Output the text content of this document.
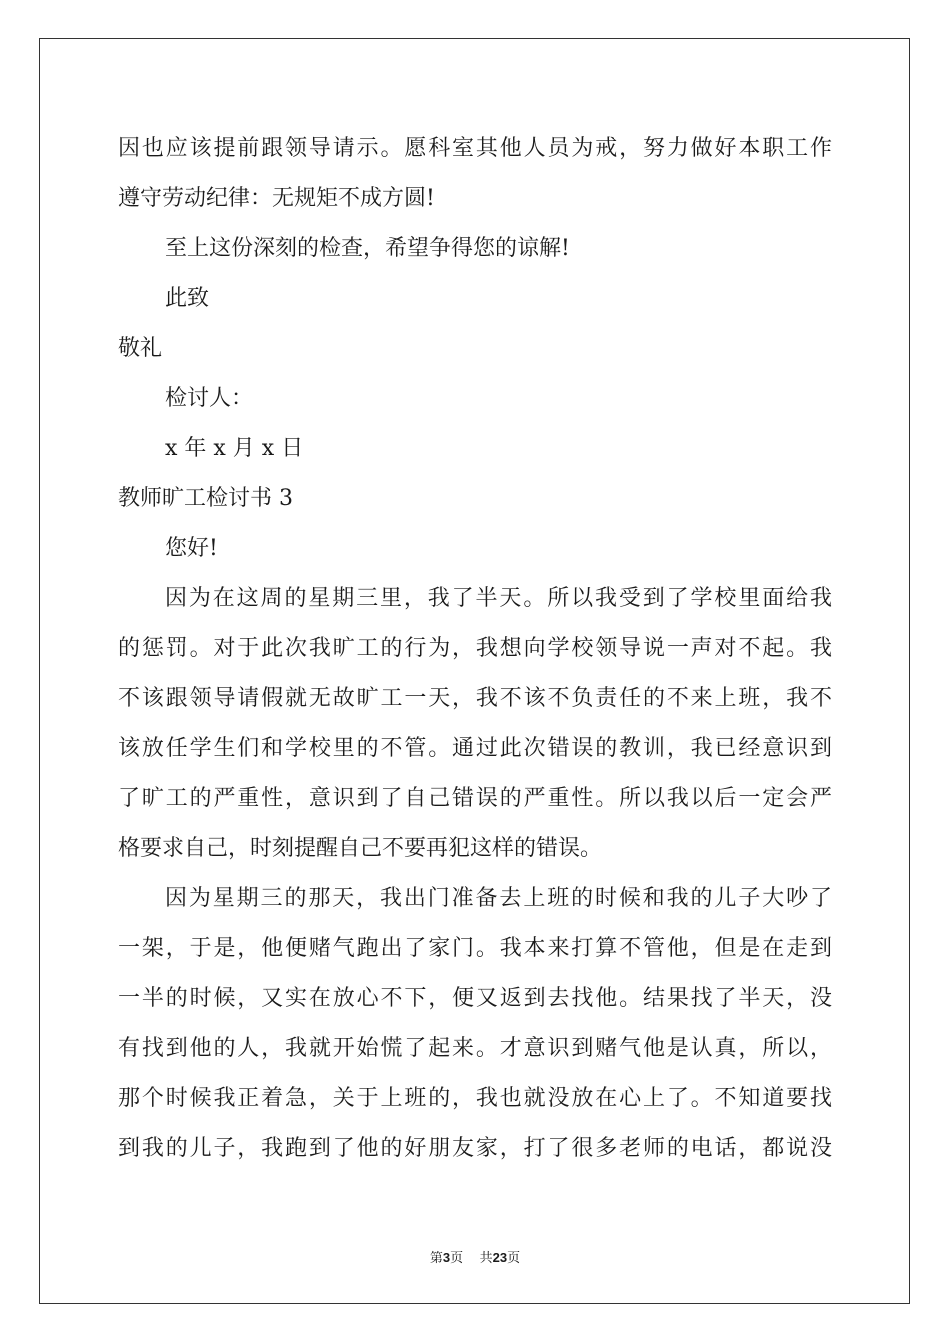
因也应该提前跟领导请示。愿科室其他人员为戒，努力做好本职工作
遵守劳动纪律：无规矩不成方圆!
至上这份深刻的检查，希望争得您的谅解!
此致
敬礼
检讨人：
x 年 x 月 x 日
教师旷工检讨书 3
您好!
因为在这周的星期三里，我了半天。所以我受到了学校里面给我
的惩罚。对于此次我旷工的行为，我想向学校领导说一声对不起。我
不该跟领导请假就无故旷工一天，我不该不负责任的不来上班，我不
该放任学生们和学校里的不管。通过此次错误的教训，我已经意识到
了旷工的严重性，意识到了自己错误的严重性。所以我以后一定会严
格要求自己，时刻提醒自己不要再犯这样的错误。
因为星期三的那天，我出门准备去上班的时候和我的儿子大吵了
一架，于是，他便赌气跑出了家门。我本来打算不管他，但是在走到
一半的时候，又实在放心不下，便又返到去找他。结果找了半天，没
有找到他的人，我就开始慌了起来。才意识到赌气他是认真，所以，
那个时候我正着急，关于上班的，我也就没放在心上了。不知道要找
到我的儿子，我跑到了他的好朋友家，打了很多老师的电话，都说没
第3页 共23页
